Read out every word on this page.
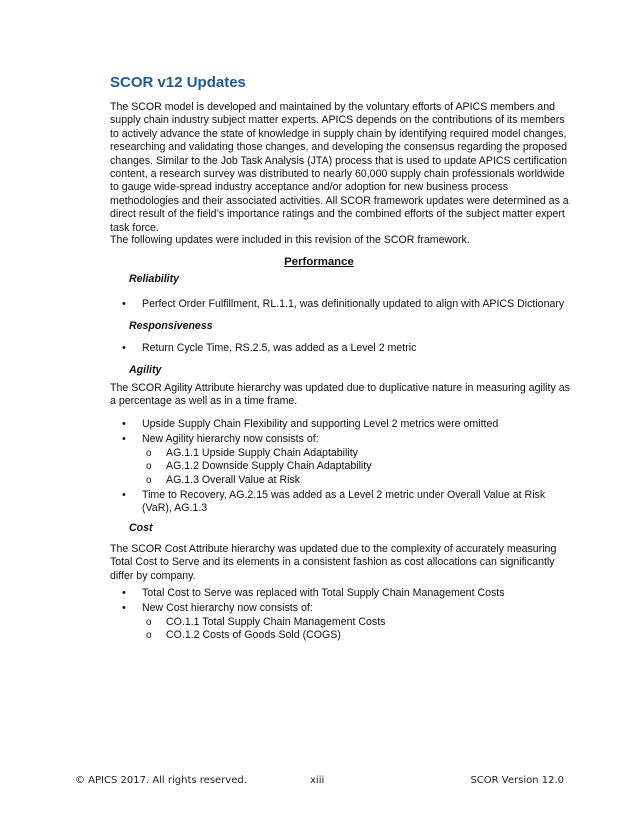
SCOR v12 Updates

The SCOR model is developed and maintained by the voluntary efforts of APICS members and supply chain industry subject matter experts. APICS depends on the contributions of its members to actively advance the state of knowledge in supply chain by identifying required model changes, researching and validating those changes, and developing the consensus regarding the proposed changes. Similar to the Job Task Analysis (JTA) process that is used to update APICS certification content, a research survey was distributed to nearly 60,000 supply chain professionals worldwide to gauge wide-spread industry acceptance and/or adoption for new business process methodologies and their associated activities. All SCOR framework updates were determined as a direct result of the field’s importance ratings and the combined efforts of the subject matter expert task force.

The following updates were included in this revision of the SCOR framework.

Performance
Reliability
• Perfect Order Fulfillment, RL.1.1, was definitionally updated to align with APICS Dictionary
Responsiveness
• Return Cycle Time, RS.2.5, was added as a Level 2 metric
Agility

The SCOR Agility Attribute hierarchy was updated due to duplicative nature in measuring agility as a percentage as well as in a time frame.

• Upside Supply Chain Flexibility and supporting Level 2 metrics were omitted
• New Agility hierarchy now consists of:
o AG.1.1 Upside Supply Chain Adaptability
o AG.1.2 Downside Supply Chain Adaptability
o AG.1.3 Overall Value at Risk
• Time to Recovery, AG.2.15 was added as a Level 2 metric under Overall Value at Risk (VaR), AG.1.3
Cost

The SCOR Cost Attribute hierarchy was updated due to the complexity of accurately measuring Total Cost to Serve and its elements in a consistent fashion as cost allocations can significantly differ by company.

• Total Cost to Serve was replaced with Total Supply Chain Management Costs
• New Cost hierarchy now consists of:
o CO.1.1 Total Supply Chain Management Costs
o CO.1.2 Costs of Goods Sold (COGS)
© APICS 2017. All rights reserved.	xiii	SCOR Version 12.0
